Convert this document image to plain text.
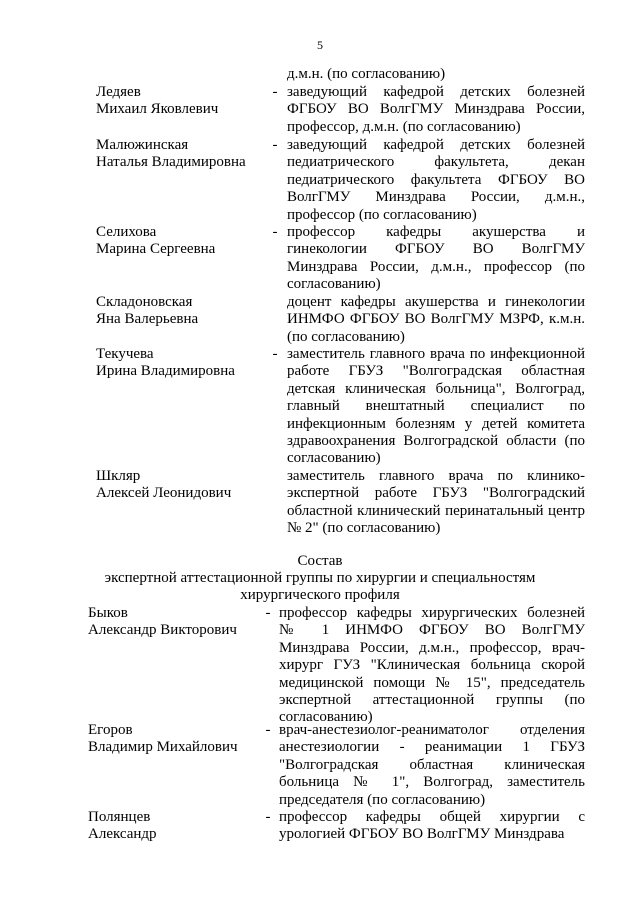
5
д.м.н. (по согласованию)
Ледяев
Михаил Яковлевич
- заведующий кафедрой детских болезней ФГБОУ ВО ВолгГМУ Минздрава России, профессор, д.м.н. (по согласованию)
Малюжинская
Наталья Владимировна
- заведующий кафедрой детских болезней педиатрического факультета, декан педиатрического факультета ФГБОУ ВО ВолгГМУ Минздрава России, д.м.н., профессор (по согласованию)
Селихова
Марина Сергеевна
- профессор кафедры акушерства и гинекологии ФГБОУ ВО ВолгГМУ Минздрава России, д.м.н., профессор (по согласованию)
Складоновская
Яна Валерьевна
доцент кафедры акушерства и гинекологии ИНМФО ФГБОУ ВО ВолгГМУ МЗРФ, к.м.н. (по согласованию)
Текучева
Ирина Владимировна
- заместитель главного врача по инфекционной работе ГБУЗ "Волгоградская областная детская клиническая больница", Волгоград, главный внештатный специалист по инфекционным болезням у детей комитета здравоохранения Волгоградской области (по согласованию)
Шкляр
Алексей Леонидович
заместитель главного врача по клинико-экспертной работе ГБУЗ "Волгоградский областной клинический перинатальный центр № 2" (по согласованию)
Состав
экспертной аттестационной группы по хирургии и специальностям
хирургического профиля
Быков
Александр Викторович
- профессор кафедры хирургических болезней № 1 ИНМФО ФГБОУ ВО ВолгГМУ Минздрава России, д.м.н., профессор, врач-хирург ГУЗ "Клиническая больница скорой медицинской помощи № 15", председатель экспертной аттестационной группы (по согласованию)
Егоров
Владимир Михайлович
- врач-анестезиолог-реаниматолог отделения анестезиологии - реанимации 1 ГБУЗ "Волгоградская областная клиническая больница № 1", Волгоград, заместитель председателя (по согласованию)
Полянцев
Александр
- профессор кафедры общей хирургии с урологией ФГБОУ ВО ВолгГМУ Минздрава
